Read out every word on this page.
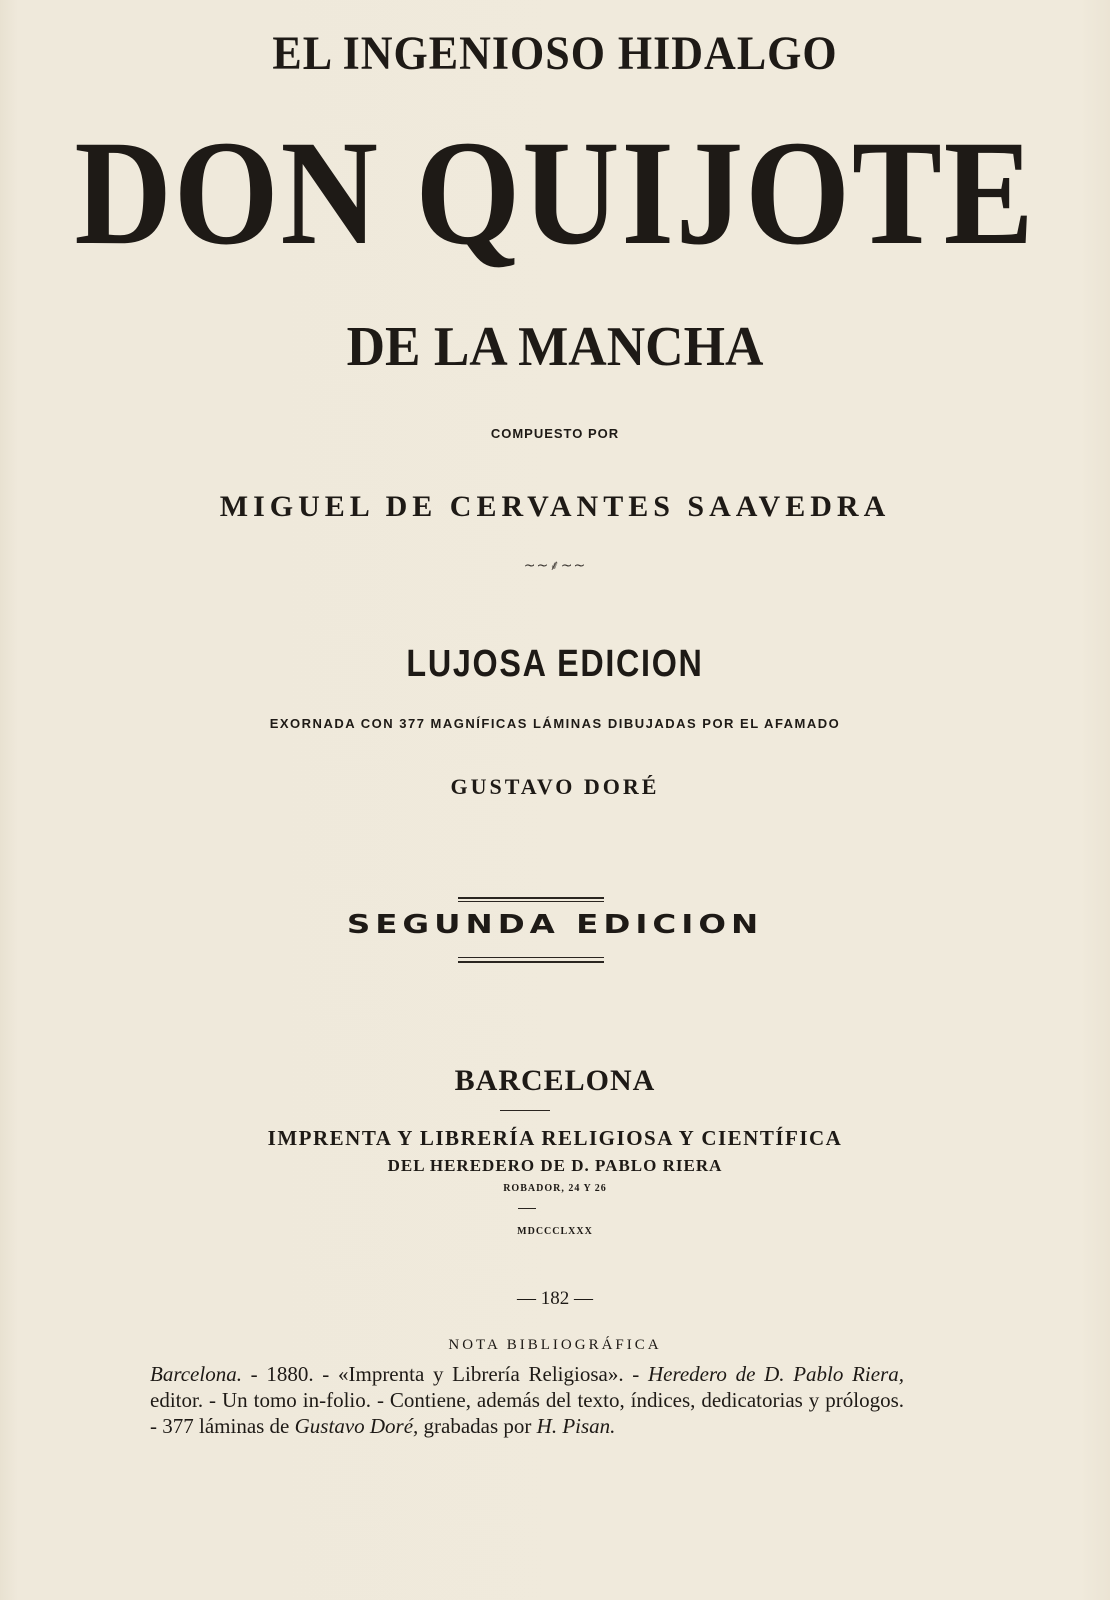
EL INGENIOSO HIDALGO
DON QUIJOTE
DE LA MANCHA
COMPUESTO POR
MIGUEL DE CERVANTES SAAVEDRA
~~⸙~~
LUJOSA EDICION
EXORNADA CON 377 MAGNÍFICAS LÁMINAS DIBUJADAS POR EL AFAMADO
GUSTAVO DORÉ
SEGUNDA EDICION
BARCELONA
IMPRENTA Y LIBRERÍA RELIGIOSA Y CIENTÍFICA
DEL HEREDERO DE D. PABLO RIERA
ROBADOR, 24 Y 26
MDCCCLXXX
— 182 —
NOTA BIBLIOGRÁFICA
Barcelona. - 1880. - «Imprenta y Librería Religiosa». - Heredero de D. Pablo Riera, editor. - Un tomo in-folio. - Contiene, además del texto, índices, dedicatorias y prólogos. - 377 láminas de Gustavo Doré, grabadas por H. Pisan.
